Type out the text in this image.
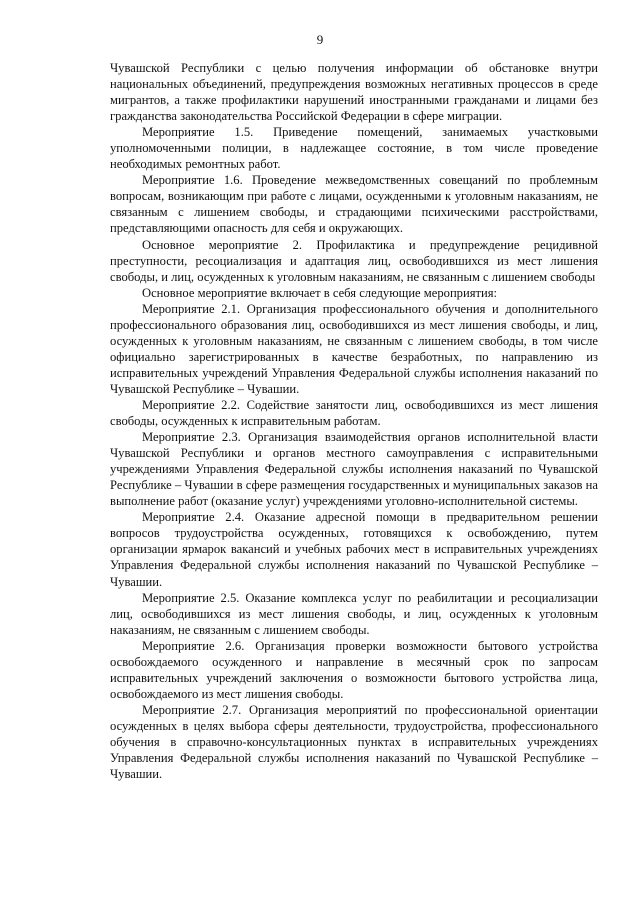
9

Чувашской Республики с целью получения информации об обстановке внутри национальных объединений, предупреждения возможных негативных процессов в среде мигрантов, а также профилактики нарушений иностранными гражданами и лицами без гражданства законодательства Российской Федерации в сфере миграции.

Мероприятие 1.5. Приведение помещений, занимаемых участковыми уполномоченными полиции, в надлежащее состояние, в том числе проведение необходимых ремонтных работ.

Мероприятие 1.6. Проведение межведомственных совещаний по проблемным вопросам, возникающим при работе с лицами, осужденными к уголовным наказаниям, не связанным с лишением свободы, и страдающими психическими расстройствами, представляющими опасность для себя и окружающих.

Основное мероприятие 2. Профилактика и предупреждение рецидивной преступности, ресоциализация и адаптация лиц, освободившихся из мест лишения свободы, и лиц, осужденных к уголовным наказаниям, не связанным с лишением свободы

Основное мероприятие включает в себя следующие мероприятия:

Мероприятие 2.1. Организация профессионального обучения и дополнительного профессионального образования лиц, освободившихся из мест лишения свободы, и лиц, осужденных к уголовным наказаниям, не связанным с лишением свободы, в том числе официально зарегистрированных в качестве безработных, по направлению из исправительных учреждений Управления Федеральной службы исполнения наказаний по Чувашской Республике – Чувашии.

Мероприятие 2.2. Содействие занятости лиц, освободившихся из мест лишения свободы, осужденных к исправительным работам.

Мероприятие 2.3. Организация взаимодействия органов исполнительной власти Чувашской Республики и органов местного самоуправления с исправительными учреждениями Управления Федеральной службы исполнения наказаний по Чувашской Республике – Чувашии в сфере размещения государственных и муниципальных заказов на выполнение работ (оказание услуг) учреждениями уголовно-исполнительной системы.

Мероприятие 2.4. Оказание адресной помощи в предварительном решении вопросов трудоустройства осужденных, готовящихся к освобождению, путем организации ярмарок вакансий и учебных рабочих мест в исправительных учреждениях Управления Федеральной службы исполнения наказаний по Чувашской Республике – Чувашии.

Мероприятие 2.5. Оказание комплекса услуг по реабилитации и ресоциализации лиц, освободившихся из мест лишения свободы, и лиц, осужденных к уголовным наказаниям, не связанным с лишением свободы.

Мероприятие 2.6. Организация проверки возможности бытового устройства освобождаемого осужденного и направление в месячный срок по запросам исправительных учреждений заключения о возможности бытового устройства лица, освобождаемого из мест лишения свободы.

Мероприятие 2.7. Организация мероприятий по профессиональной ориентации осужденных в целях выбора сферы деятельности, трудоустройства, профессионального обучения в справочно-консультационных пунктах в исправительных учреждениях Управления Федеральной службы исполнения наказаний по Чувашской Республике – Чувашии.
